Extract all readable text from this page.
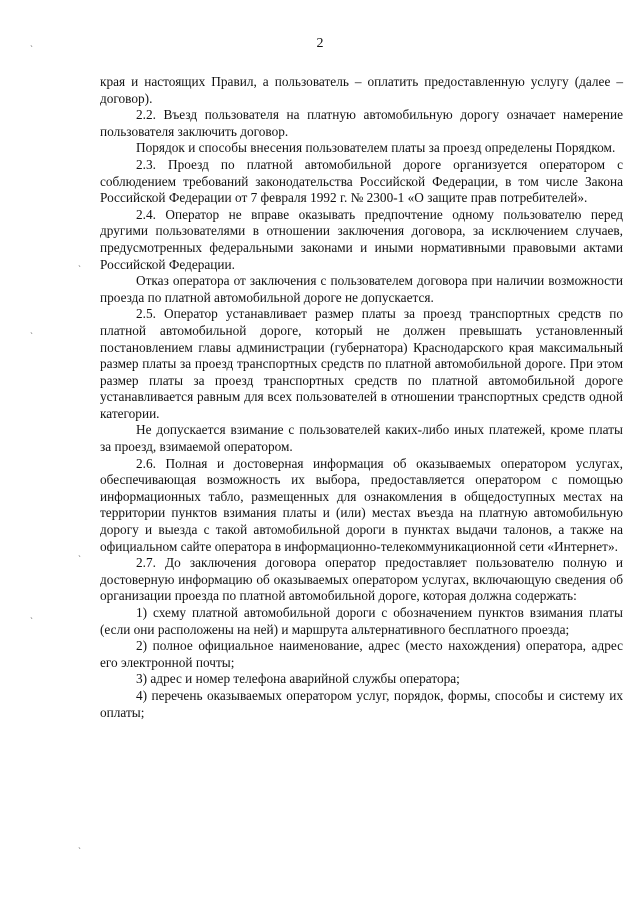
2

края и настоящих Правил, а пользователь – оплатить предоставленную услугу (далее – договор).

2.2. Въезд пользователя на платную автомобильную дорогу означает намерение пользователя заключить договор.

Порядок и способы внесения пользователем платы за проезд определены Порядком.

2.3. Проезд по платной автомобильной дороге организуется оператором с соблюдением требований законодательства Российской Федерации, в том числе Закона Российской Федерации от 7 февраля 1992 г. № 2300-1 «О защите прав потребителей».

2.4. Оператор не вправе оказывать предпочтение одному пользователю перед другими пользователями в отношении заключения договора, за исключением случаев, предусмотренных федеральными законами и иными нормативными правовыми актами Российской Федерации.

Отказ оператора от заключения с пользователем договора при наличии возможности проезда по платной автомобильной дороге не допускается.

2.5. Оператор устанавливает размер платы за проезд транспортных средств по платной автомобильной дороге, который не должен превышать установленный постановлением главы администрации (губернатора) Краснодарского края максимальный размер платы за проезд транспортных средств по платной автомобильной дороге. При этом размер платы за проезд транспортных средств по платной автомобильной дороге устанавливается равным для всех пользователей в отношении транспортных средств одной категории.

Не допускается взимание с пользователей каких-либо иных платежей, кроме платы за проезд, взимаемой оператором.

2.6. Полная и достоверная информация об оказываемых оператором услугах, обеспечивающая возможность их выбора, предоставляется оператором с помощью информационных табло, размещенных для ознакомления в общедоступных местах на территории пунктов взимания платы и (или) местах въезда на платную автомобильную дорогу и выезда с такой автомобильной дороги в пунктах выдачи талонов, а также на официальном сайте оператора в информационно-телекоммуникационной сети «Интернет».

2.7. До заключения договора оператор предоставляет пользователю полную и достоверную информацию об оказываемых оператором услугах, включающую сведения об организации проезда по платной автомобильной дороге, которая должна содержать:

1) схему платной автомобильной дороги с обозначением пунктов взимания платы (если они расположены на ней) и маршрута альтернативного бесплатного проезда;

2) полное официальное наименование, адрес (место нахождения) оператора, адрес его электронной почты;

3) адрес и номер телефона аварийной службы оператора;

4) перечень оказываемых оператором услуг, порядок, формы, способы и систему их оплаты;

ˏ
ˎ
ˏ
ˎ
ˏ
ˎ
